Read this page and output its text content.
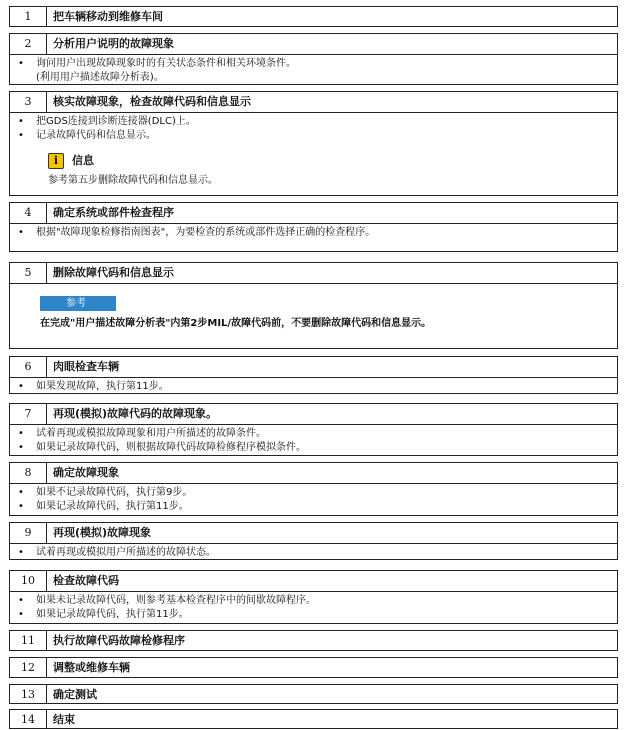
1	把车辆移动到维修车间
2	分析用户说明的故障现象
•	询问用户出现故障现象时的有关状态条件和相关环境条件。
(利用用户描述故障分析表)。
3	核实故障现象，检查故障代码和信息显示
•	把GDS连接到诊断连接器(DLC)上。
•	记录故障代码和信息显示。
i	信息
参考第五步删除故障代码和信息显示。
4	确定系统或部件检查程序
•	根据"故障现象检修指南图表"，为要检查的系统或部件选择正确的检查程序。
5	删除故障代码和信息显示
参考
在完成"用户描述故障分析表"内第2步MIL/故障代码前，不要删除故障代码和信息显示。
6	肉眼检查车辆
•	如果发现故障，执行第11步。
7	再现(模拟)故障代码的故障现象。
•	试着再现或模拟故障现象和用户所描述的故障条件。
•	如果记录故障代码，则根据故障代码故障检修程序模拟条件。
8	确定故障现象
•	如果不记录故障代码，执行第9步。
•	如果记录故障代码，执行第11步。
9	再现(模拟)故障现象
•	试着再现或模拟用户所描述的故障状态。
10	检查故障代码
•	如果未记录故障代码，则参考基本检查程序中的间歇故障程序。
•	如果记录故障代码，执行第11步。
11	执行故障代码故障检修程序
12	调整或维修车辆
13	确定测试
14	结束
